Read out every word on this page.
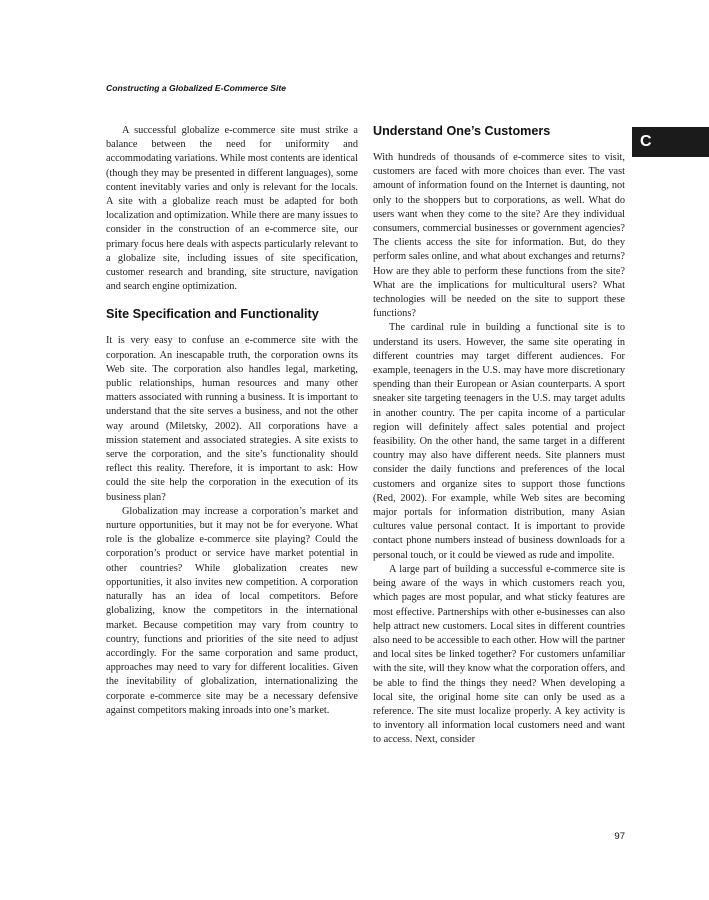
Constructing a Globalized E-Commerce Site
C

A successful globalize e-commerce site must strike a balance between the need for uniformity and accommodating variations. While most contents are identical (though they may be presented in different languages), some content inevitably varies and only is relevant for the locals. A site with a globalize reach must be adapted for both localization and optimization. While there are many issues to consider in the construction of an e-commerce site, our primary focus here deals with aspects particularly relevant to a globalize site, including issues of site specification, customer research and branding, site structure, navigation and search engine optimization.

Site Specification and Functionality

It is very easy to confuse an e-commerce site with the corporation. An inescapable truth, the corporation owns its Web site. The corporation also handles legal, marketing, public relationships, human resources and many other matters associated with running a business. It is important to understand that the site serves a business, and not the other way around (Miletsky, 2002). All corporations have a mission statement and associated strategies. A site exists to serve the corporation, and the site’s functionality should reflect this reality. Therefore, it is important to ask: How could the site help the corporation in the execution of its business plan?

Globalization may increase a corporation’s market and nurture opportunities, but it may not be for everyone. What role is the globalize e-commerce site playing? Could the corporation’s product or service have market potential in other countries? While globalization creates new opportunities, it also invites new competition. A corporation naturally has an idea of local competitors. Before globalizing, know the competitors in the international market. Because competition may vary from country to country, functions and priorities of the site need to adjust accordingly. For the same corporation and same product, approaches may need to vary for different localities. Given the inevitability of globalization, internationalizing the corporate e-commerce site may be a necessary defensive against competitors making inroads into one’s market.

Understand One’s Customers

With hundreds of thousands of e-commerce sites to visit, customers are faced with more choices than ever. The vast amount of information found on the Internet is daunting, not only to the shoppers but to corporations, as well. What do users want when they come to the site? Are they individual consumers, commercial businesses or government agencies? The clients access the site for information. But, do they perform sales online, and what about exchanges and returns? How are they able to perform these functions from the site? What are the implications for multicultural users? What technologies will be needed on the site to support these functions?

The cardinal rule in building a functional site is to understand its users. However, the same site operating in different countries may target different audiences. For example, teenagers in the U.S. may have more discretionary spending than their European or Asian counterparts. A sport sneaker site targeting teenagers in the U.S. may target adults in another country. The per capita income of a particular region will definitely affect sales potential and project feasibility. On the other hand, the same target in a different country may also have different needs. Site planners must consider the daily functions and preferences of the local customers and organize sites to support those functions (Red, 2002). For example, while Web sites are becoming major portals for information distribution, many Asian cultures value personal contact. It is important to provide contact phone numbers instead of business downloads for a personal touch, or it could be viewed as rude and impolite.

A large part of building a successful e-commerce site is being aware of the ways in which customers reach you, which pages are most popular, and what sticky features are most effective. Partnerships with other e-businesses can also help attract new customers. Local sites in different countries also need to be accessible to each other. How will the partner and local sites be linked together? For customers unfamiliar with the site, will they know what the corporation offers, and be able to find the things they need? When developing a local site, the original home site can only be used as a reference. The site must localize properly. A key activity is to inventory all information local customers need and want to access. Next, consider

97
